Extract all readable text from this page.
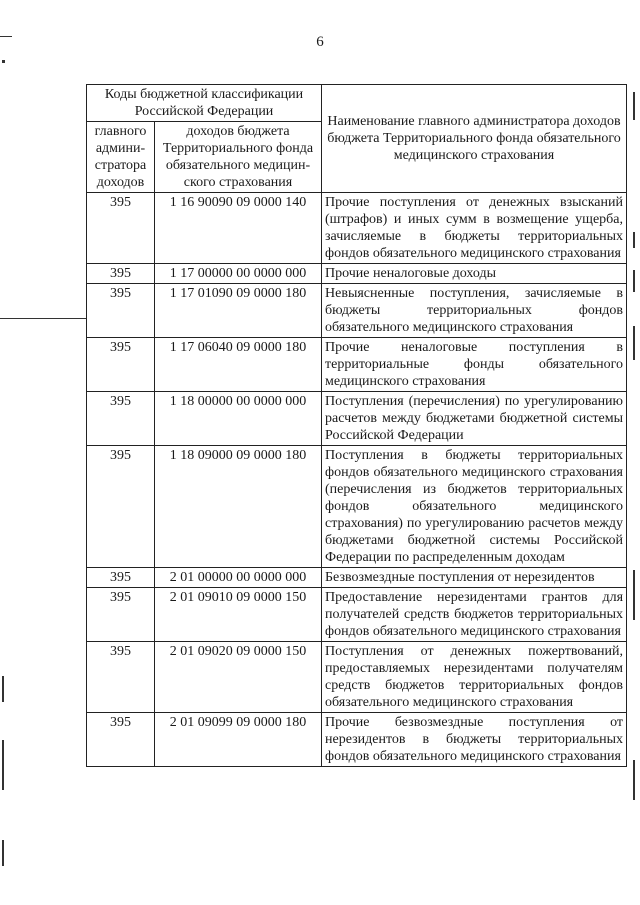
6
Коды бюджетной классификации Российской Федерации		Наименование главного администратора доходов бюджета Территориального фонда обязательного медицинского страхования
главного админи-стратора доходов	доходов бюджета Территориального фонда обязательного медицин-ского страхования	
395	1 16 90090 09 0000 140	Прочие поступления от денежных взысканий (штрафов) и иных сумм в возмещение ущерба, зачисляемые в бюджеты территориальных фондов обязательного медицинского страхования
395	1 17 00000 00 0000 000	Прочие неналоговые доходы
395	1 17 01090 09 0000 180	Невыясненные поступления, зачисляемые в бюджеты территориальных фондов обязательного медицинского страхования
395	1 17 06040 09 0000 180	Прочие неналоговые поступления в территориальные фонды обязательного медицинского страхования
395	1 18 00000 00 0000 000	Поступления (перечисления) по урегулированию расчетов между бюджетами бюджетной системы Российской Федерации
395	1 18 09000 09 0000 180	Поступления в бюджеты территориальных фондов обязательного медицинского страхования (перечисления из бюджетов территориальных фондов обязательного медицинского страхования) по урегулированию расчетов между бюджетами бюджетной системы Российской Федерации по распределенным доходам
395	2 01 00000 00 0000 000	Безвозмездные поступления от нерезидентов
395	2 01 09010 09 0000 150	Предоставление нерезидентами грантов для получателей средств бюджетов территориальных фондов обязательного медицинского страхования
395	2 01 09020 09 0000 150	Поступления от денежных пожертвований, предоставляемых нерезидентами получателям средств бюджетов территориальных фондов обязательного медицинского страхования
395	2 01 09099 09 0000 180	Прочие безвозмездные поступления от нерезидентов в бюджеты территориальных фондов обязательного медицинского страхования
